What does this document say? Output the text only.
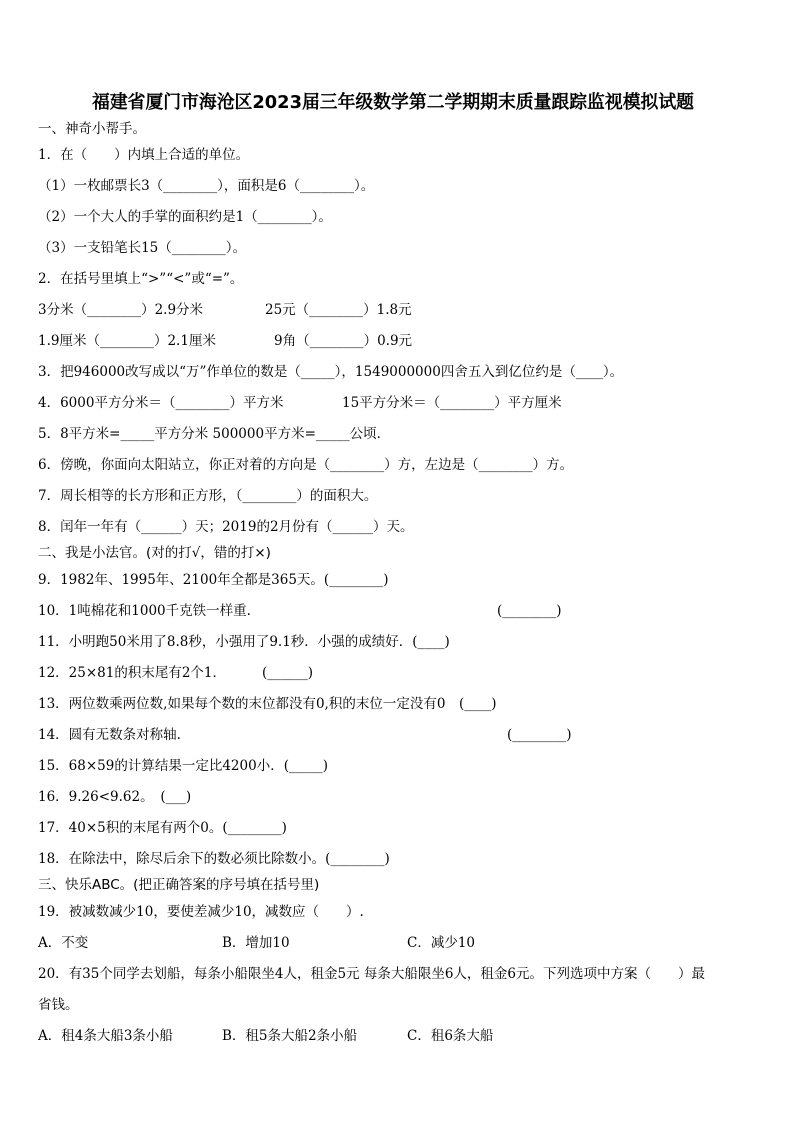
福建省厦门市海沧区2023届三年级数学第二学期期末质量跟踪监视模拟试题
一、神奇小帮手。
1．在（　　）内填上合适的单位。
（1）一枚邮票长3（________），面积是6（________）。
（2）一个大人的手掌的面积约是1（________）。
（3）一支铅笔长15（________）。
2．在括号里填上“>”“<”或“=”。
3分米（________）2.9分米	25元（________）1.8元
1.9厘米（________）2.1厘米	9角（________）0.9元
3．把946000改写成以“万”作单位的数是（_____），1549000000四舍五入到亿位约是（____）。
4．6000平方分米＝（________）平方米	15平方分米＝（________）平方厘米
5．8平方米=_____平方分米 500000平方米=_____公顷．
6．傍晚，你面向太阳站立，你正对着的方向是（________）方，左边是（________）方。
7．周长相等的长方形和正方形，（________）的面积大。
8．闰年一年有（______）天；2019的2月份有（______）天。
二、我是小法官。(对的打√，错的打×)
9．1982年、1995年、2100年全都是365天。(________)
10．1吨棉花和1000千克铁一样重.	(________)
11．小明跑50米用了8.8秒，小强用了9.1秒．小强的成绩好．(____)
12．25×81的积末尾有2个1．	(______)
13．两位数乘两位数,如果每个数的末位都没有0,积的末位一定没有0　(____)
14．圆有无数条对称轴.	(________)
15．68×59的计算结果一定比4200小．(_____)
16．9.26<9.62。　(___)
17．40×5积的末尾有两个0。(________)
18．在除法中，除尽后余下的数必须比除数小。(________)
三、快乐ABC。(把正确答案的序号填在括号里)
19．被减数减少10，要使差减少10，减数应（　　）.
A．不变	B．增加10	C．减少10
20．有35个同学去划船，每条小船限坐4人，租金5元 每条大船限坐6人，租金6元。下列选项中方案（　　）最
省钱。
A．租4条大船3条小船	B．租5条大船2条小船	C．租6条大船
